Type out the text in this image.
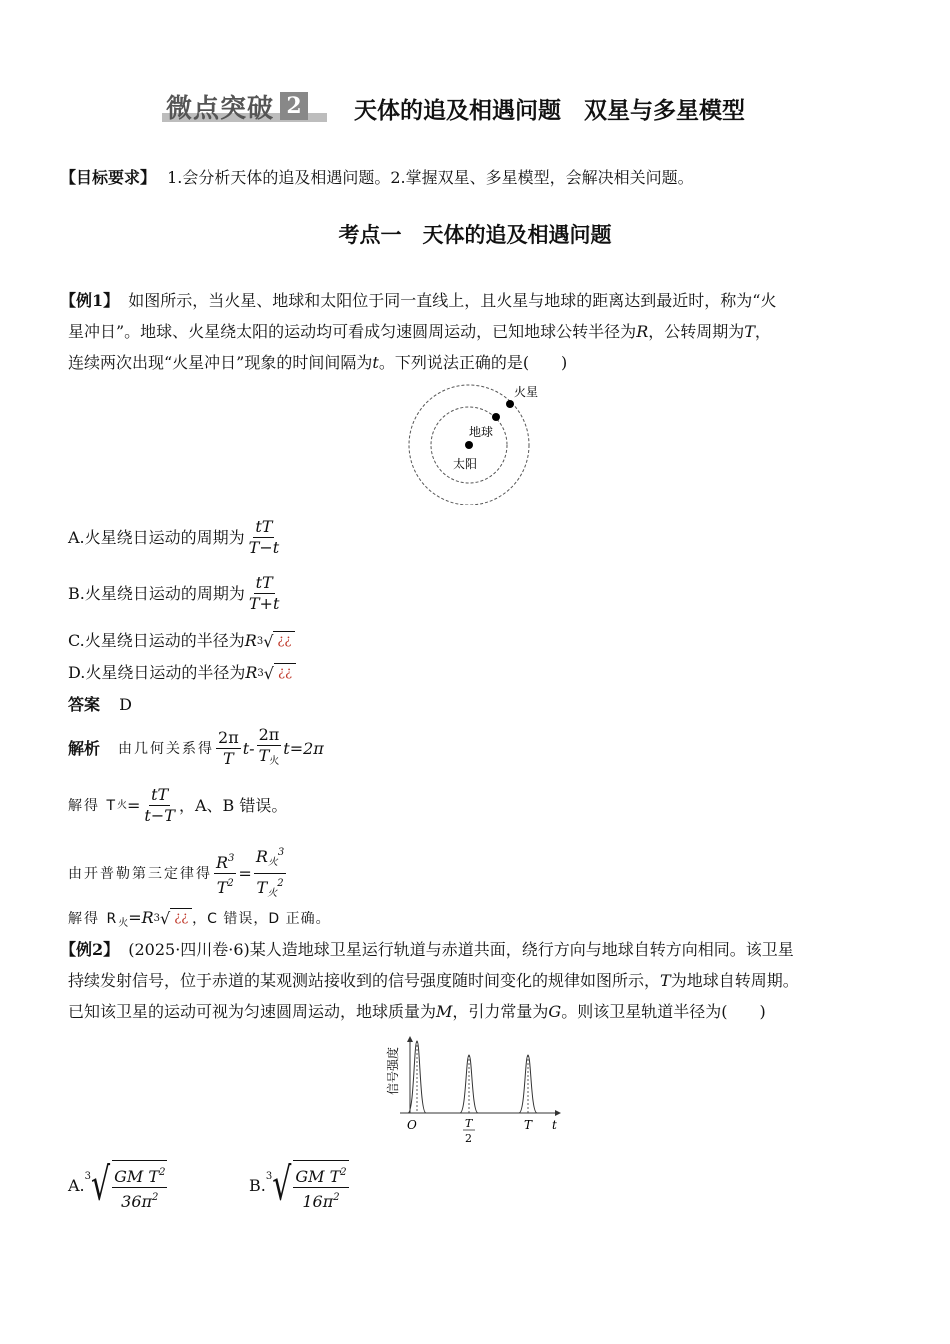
微点突破 2 天体的追及相遇问题　双星与多星模型
【目标要求】 1.会分析天体的追及相遇问题。2.掌握双星、多星模型，会解决相关问题。
考点一　天体的追及相遇问题
【例1】 如图所示，当火星、地球和太阳位于同一直线上，且火星与地球的距离达到最近时，称为“火
星冲日”。地球、火星绕太阳的运动均可看成匀速圆周运动，已知地球公转半径为R，公转周期为T，
连续两次出现“火星冲日”现象的时间间隔为t。下列说法正确的是(　　)
火星
地球
太阳
A.火星绕日运动的周期为 $\frac{tT}{T-t}$
B.火星绕日运动的周期为 $\frac{tT}{T+t}$
C.火星绕日运动的半径为R 3 √ ¿¿
D.火星绕日运动的半径为R 3 √ ¿¿
答案 D
解析 由几何关系得 $\frac{2\pi}{T} t- \frac{2\pi}{T_火} t=2\pi$
解得 T 火 = $\frac{tT}{t-T}$ ，A、B 错误。
由开普勒第三定律得 $\frac{R^3}{T^2} = \frac{R_火^3}{T_火^2}$
解得 $R_火=R$ 3 √ ¿¿ ，C 错误，D 正确。
【例2】 (2025·四川卷·6)某人造地球卫星运行轨道与赤道共面，绕行方向与地球自转方向相同。该卫星
持续发射信号，位于赤道的某观测站接收到的信号强度随时间变化的规律如图所示，T为地球自转周期。
已知该卫星的运动可视为匀速圆周运动，地球质量为M，引力常量为G。则该卫星轨道半径为(　　)
信号强度
O	T
2
T t
A. 3 √ $\frac{GM T^2}{36\pi^2}$	B. 3 √ $\frac{GM T^2}{16\pi^2}$
